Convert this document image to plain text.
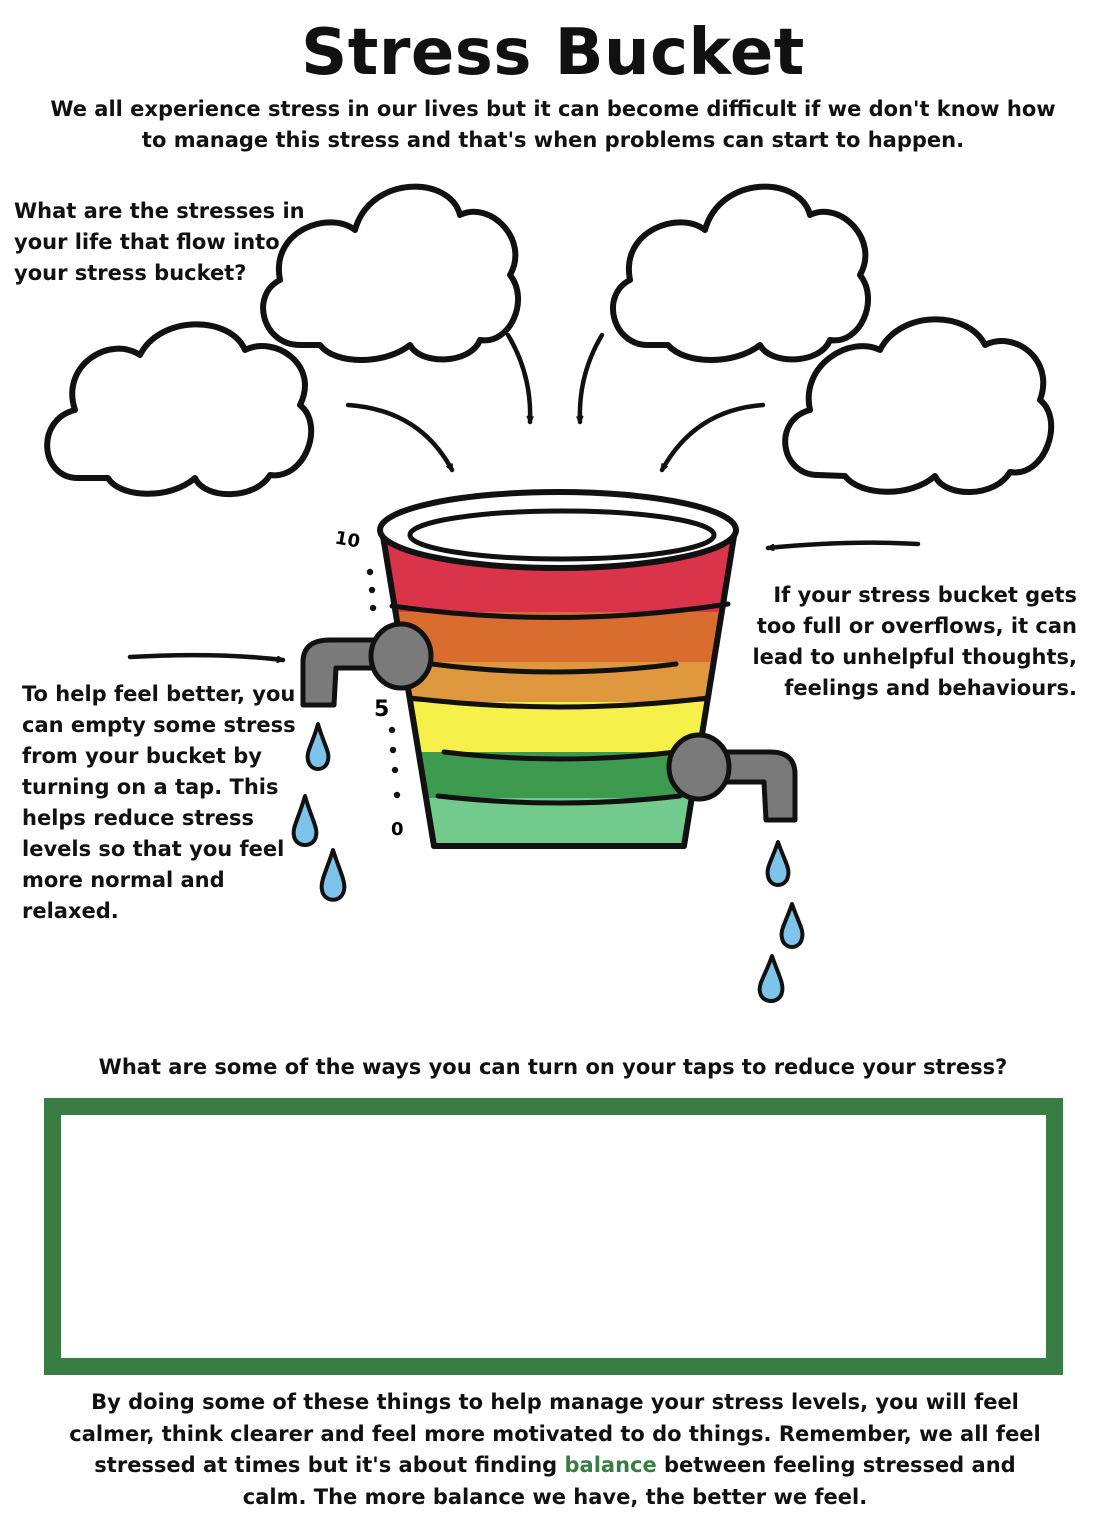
Stress Bucket
We all experience stress in our lives but it can become difficult if we don't know how to manage this stress and that's when problems can start to happen.
10
5
0
What are the stresses in your life that flow into your stress bucket?
If your stress bucket gets too full or overflows, it can lead to unhelpful thoughts, feelings and behaviours.
To help feel better, you can empty some stress from your bucket by turning on a tap. This helps reduce stress levels so that you feel more normal and relaxed.
What are some of the ways you can turn on your taps to reduce your stress?
By doing some of these things to help manage your stress levels, you will feel calmer, think clearer and feel more motivated to do things. Remember, we all feel stressed at times but it's about finding balance between feeling stressed and calm. The more balance we have, the better we feel.
